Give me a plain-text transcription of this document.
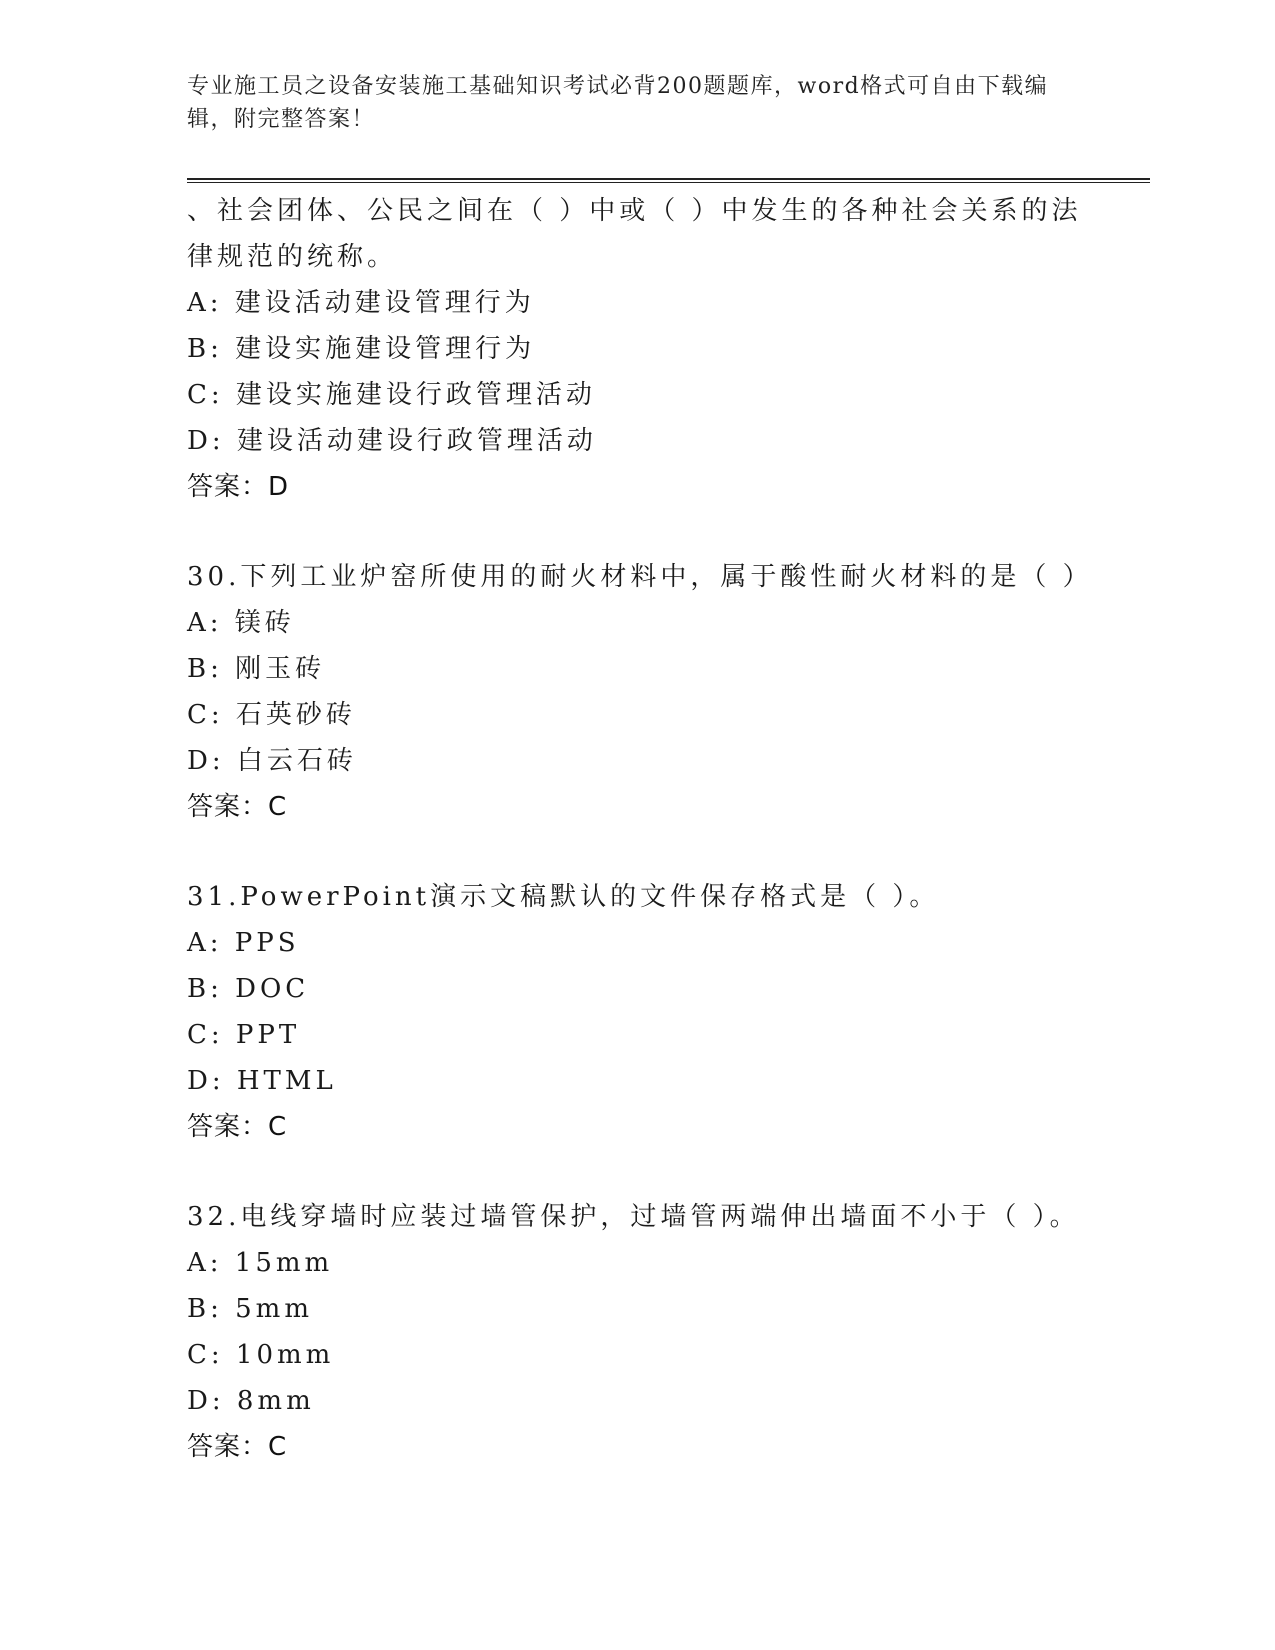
专业施工员之设备安装施工基础知识考试必背200题题库，word格式可自由下载编辑，附完整答案！
、社会团体、公民之间在（ ）中或（ ）中发生的各种社会关系的法
律规范的统称。
A: 建设活动建设管理行为
B: 建设实施建设管理行为
C: 建设实施建设行政管理活动
D: 建设活动建设行政管理活动
答案：D
30.下列工业炉窑所使用的耐火材料中，属于酸性耐火材料的是（ ）
A: 镁砖
B: 刚玉砖
C: 石英砂砖
D: 白云石砖
答案：C
31.PowerPoint演示文稿默认的文件保存格式是（ ）。
A: PPS
B: DOC
C: PPT
D: HTML
答案：C
32.电线穿墙时应装过墙管保护，过墙管两端伸出墙面不小于（ ）。
A: 15mm
B: 5mm
C: 10mm
D: 8mm
答案：C
